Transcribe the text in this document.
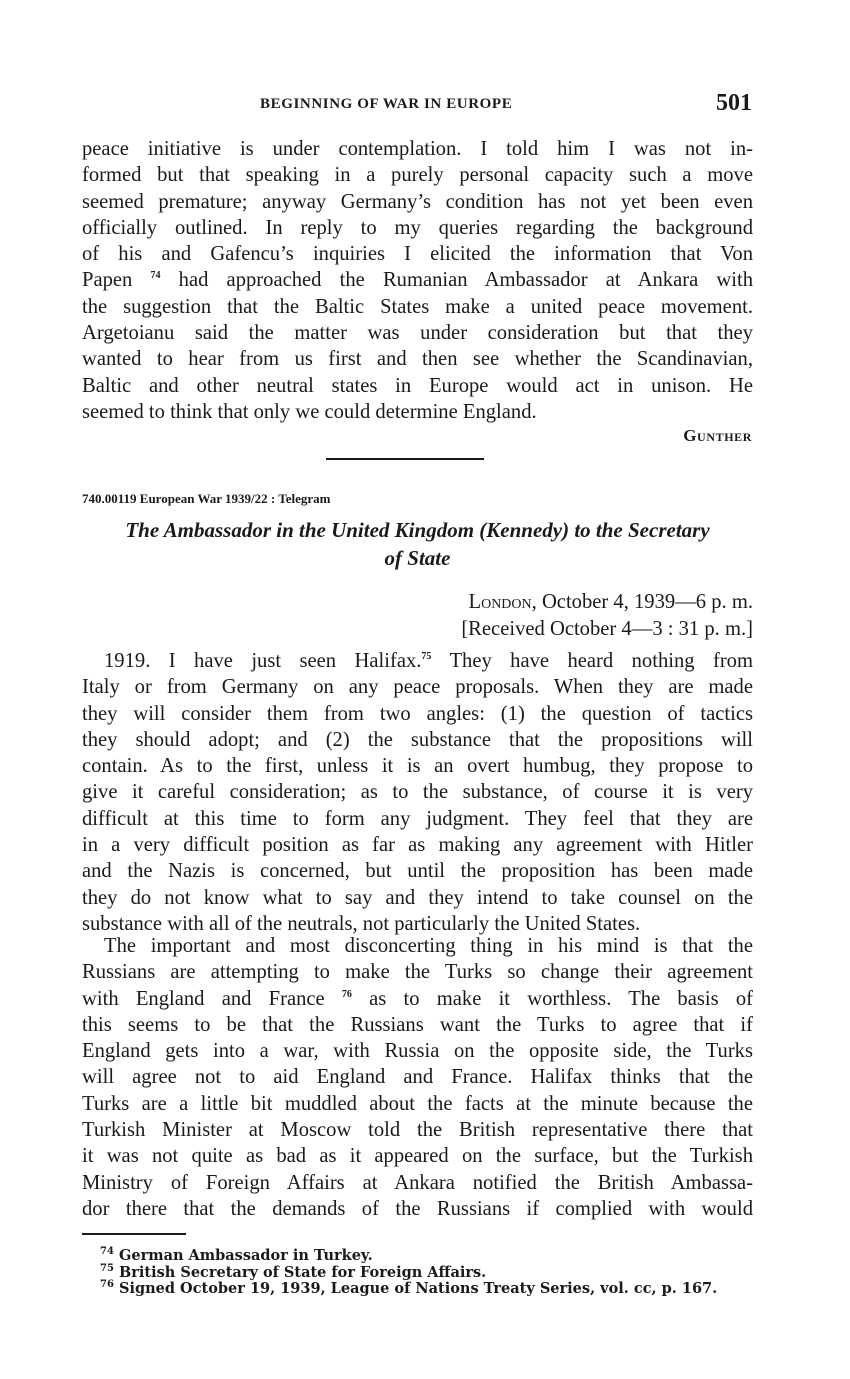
BEGINNING OF WAR IN EUROPE	501
peace initiative is under contemplation. I told him I was not in-
formed but that speaking in a purely personal capacity such a move
seemed premature; anyway Germany’s condition has not yet been even
officially outlined. In reply to my queries regarding the background
of his and Gafencu’s inquiries I elicited the information that Von
Papen $^{74}$ had approached the Rumanian Ambassador at Ankara with
the suggestion that the Baltic States make a united peace movement.
Argetoianu said the matter was under consideration but that they
wanted to hear from us first and then see whether the Scandinavian,
Baltic and other neutral states in Europe would act in unison. He
seemed to think that only we could determine England.
Gunther
740.00119 European War 1939/22 : Telegram
The Ambassador in the United Kingdom (Kennedy) to the Secretary
of State
London, October 4, 1939—6 p. m.
[Received October 4—3 : 31 p. m.]
1919. I have just seen Halifax.$^{75}$ They have heard nothing from
Italy or from Germany on any peace proposals. When they are made
they will consider them from two angles: (1) the question of tactics
they should adopt; and (2) the substance that the propositions will
contain. As to the first, unless it is an overt humbug, they propose to
give it careful consideration; as to the substance, of course it is very
difficult at this time to form any judgment. They feel that they are
in a very difficult position as far as making any agreement with Hitler
and the Nazis is concerned, but until the proposition has been made
they do not know what to say and they intend to take counsel on the
substance with all of the neutrals, not particularly the United States.
The important and most disconcerting thing in his mind is that the
Russians are attempting to make the Turks so change their agreement
with England and France $^{76}$ as to make it worthless. The basis of
this seems to be that the Russians want the Turks to agree that if
England gets into a war, with Russia on the opposite side, the Turks
will agree not to aid England and France. Halifax thinks that the
Turks are a little bit muddled about the facts at the minute because the
Turkish Minister at Moscow told the British representative there that
it was not quite as bad as it appeared on the surface, but the Turkish
Ministry of Foreign Affairs at Ankara notified the British Ambassa-
dor there that the demands of the Russians if complied with would
$^{74}$ German Ambassador in Turkey.
$^{75}$ British Secretary of State for Foreign Affairs.
$^{76}$ Signed October 19, 1939, League of Nations Treaty Series, vol. cc, p. 167.
